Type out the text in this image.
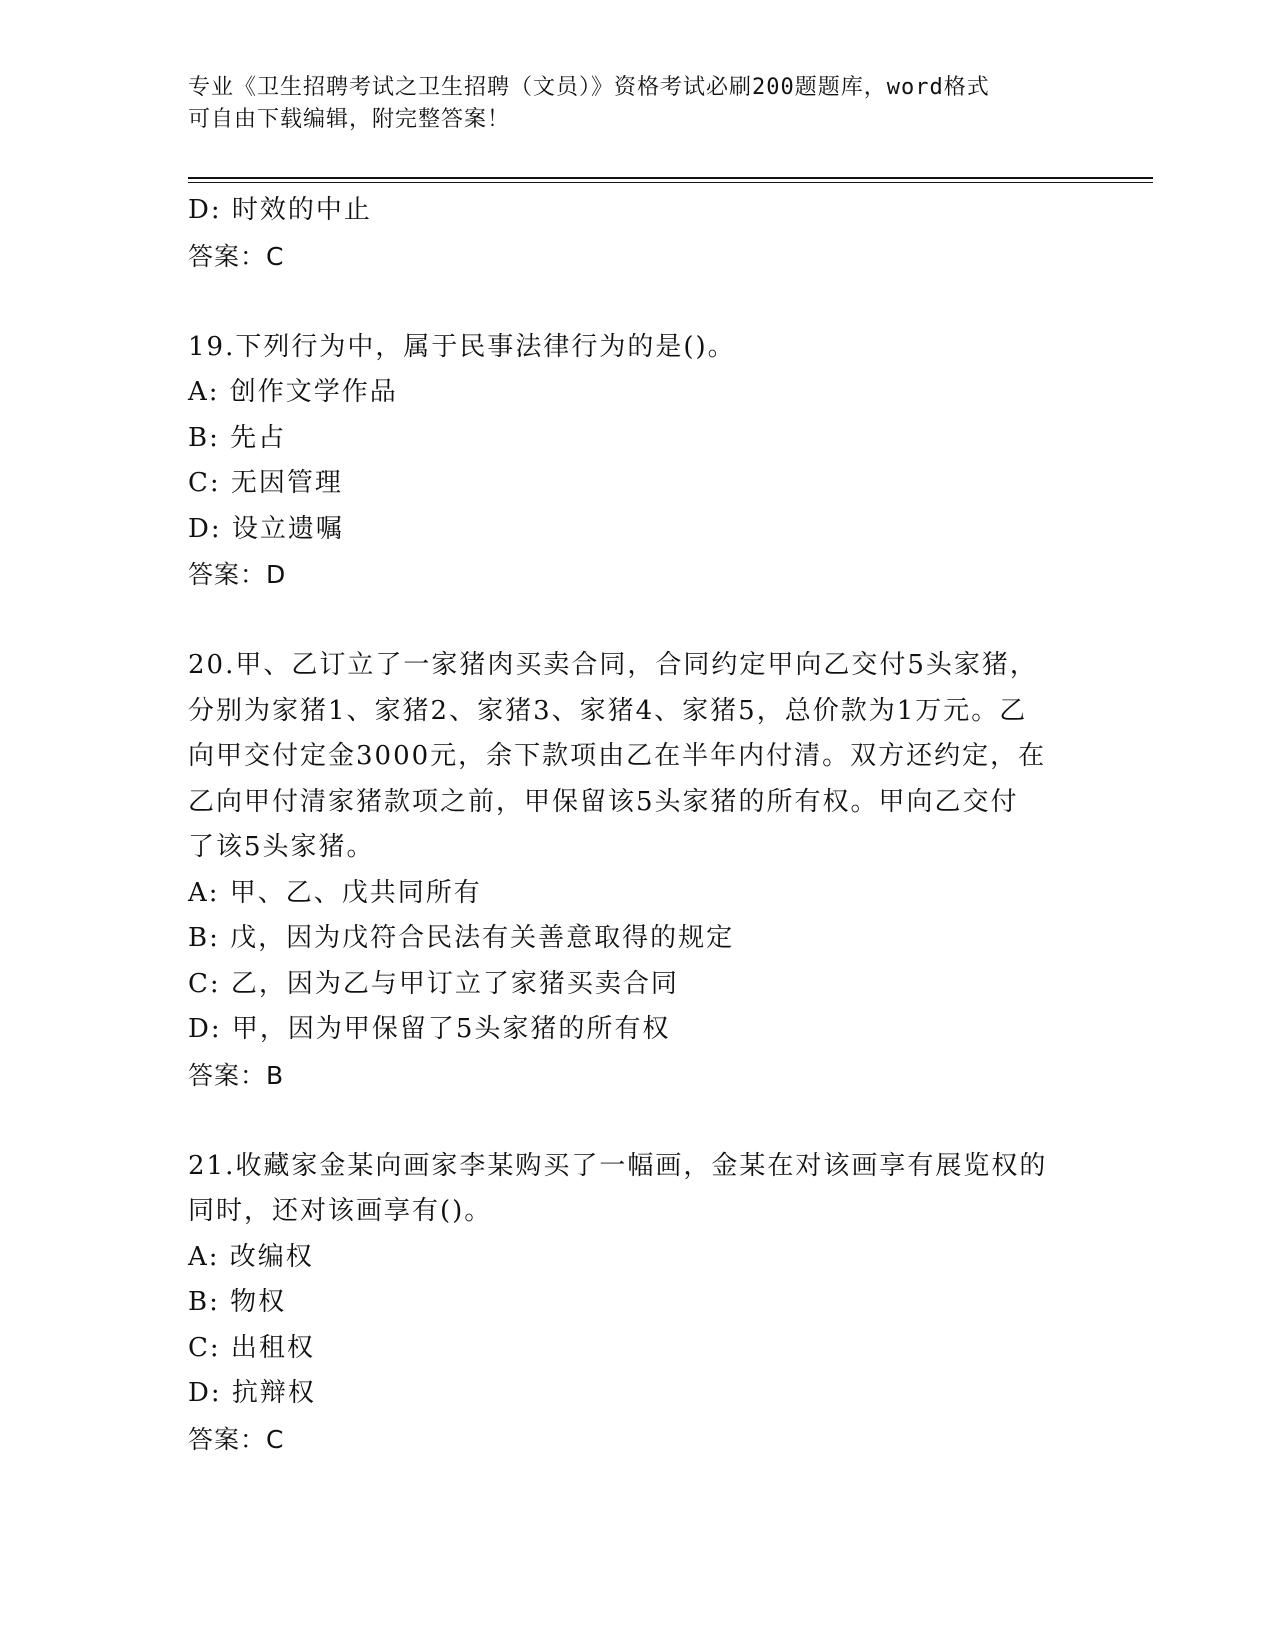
专业《卫生招聘考试之卫生招聘（文员）》资格考试必刷200题题库，word格式
可自由下载编辑，附完整答案！
D: 时效的中止
答案：C
19.下列行为中，属于民事法律行为的是()。
A: 创作文学作品
B: 先占
C: 无因管理
D: 设立遗嘱
答案：D
20.甲、乙订立了一家猪肉买卖合同，合同约定甲向乙交付5头家猪，
分别为家猪1、家猪2、家猪3、家猪4、家猪5，总价款为1万元。乙
向甲交付定金3000元，余下款项由乙在半年内付清。双方还约定，在
乙向甲付清家猪款项之前，甲保留该5头家猪的所有权。甲向乙交付
了该5头家猪。
A: 甲、乙、戊共同所有
B: 戊，因为戊符合民法有关善意取得的规定
C: 乙，因为乙与甲订立了家猪买卖合同
D: 甲，因为甲保留了5头家猪的所有权
答案：B
21.收藏家金某向画家李某购买了一幅画，金某在对该画享有展览权的
同时，还对该画享有()。
A: 改编权
B: 物权
C: 出租权
D: 抗辩权
答案：C
